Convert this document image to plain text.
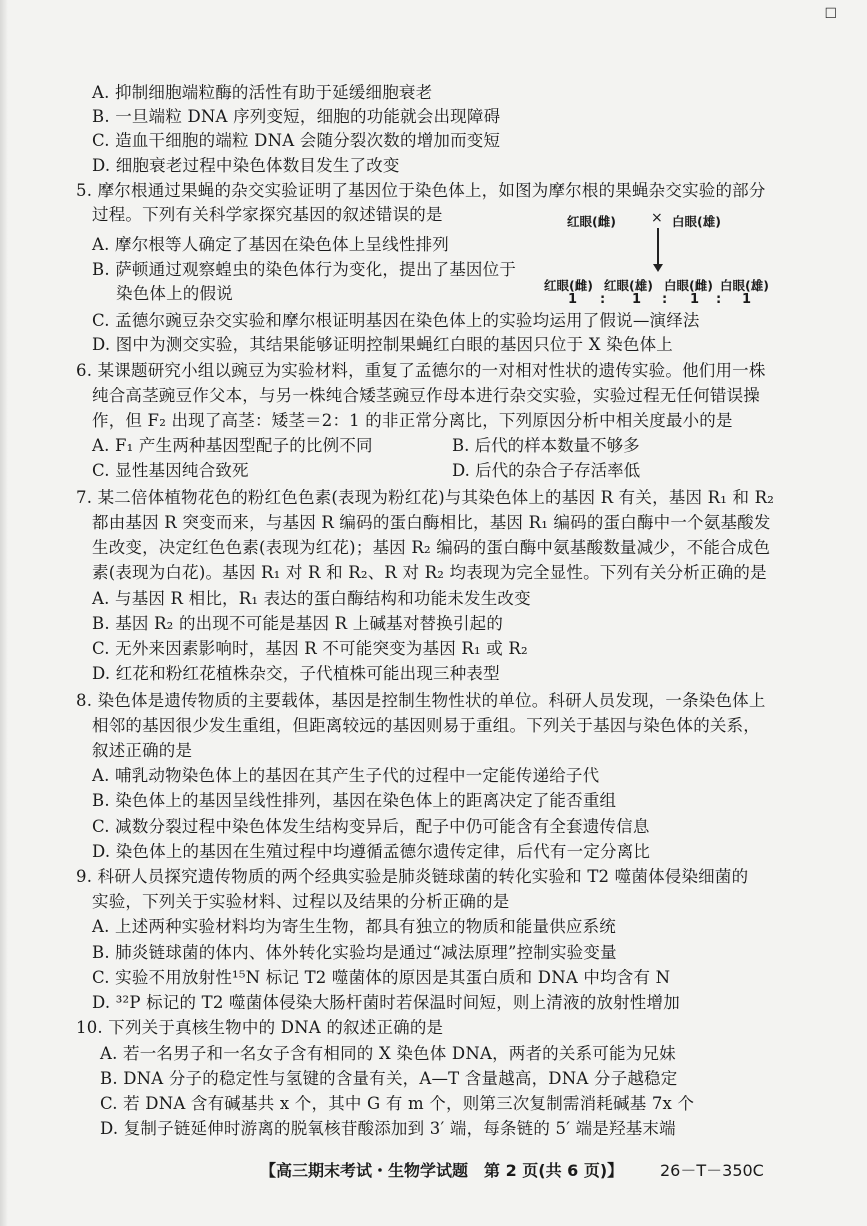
☐
A. 抑制细胞端粒酶的活性有助于延缓细胞衰老
B. 一旦端粒 DNA 序列变短，细胞的功能就会出现障碍
C. 造血干细胞的端粒 DNA 会随分裂次数的增加而变短
D. 细胞衰老过程中染色体数目发生了改变
5. 摩尔根通过果蝇的杂交实验证明了基因位于染色体上，如图为摩尔根的果蝇杂交实验的部分
过程。下列有关科学家探究基因的叙述错误的是
A. 摩尔根等人确定了基因在染色体上呈线性排列
B. 萨顿通过观察蝗虫的染色体行为变化，提出了基因位于
染色体上的假说
C. 孟德尔豌豆杂交实验和摩尔根证明基因在染色体上的实验均运用了假说—演绎法
D. 图中为测交实验，其结果能够证明控制果蝇红白眼的基因只位于 X 染色体上
红眼(雌)	× 白眼(雄)
红眼(雌) 红眼(雄) 白眼(雌) 白眼(雄)
1 : 1 : 1 : 1
6. 某课题研究小组以豌豆为实验材料，重复了孟德尔的一对相对性状的遗传实验。他们用一株
纯合高茎豌豆作父本，与另一株纯合矮茎豌豆作母本进行杂交实验，实验过程无任何错误操
作，但 F₂ 出现了高茎：矮茎＝2：1 的非正常分离比，下列原因分析中相关度最小的是
A. F₁ 产生两种基因型配子的比例不同	B. 后代的样本数量不够多
C. 显性基因纯合致死	D. 后代的杂合子存活率低
7. 某二倍体植物花色的粉红色色素(表现为粉红花)与其染色体上的基因 R 有关，基因 R₁ 和 R₂
都由基因 R 突变而来，与基因 R 编码的蛋白酶相比，基因 R₁ 编码的蛋白酶中一个氨基酸发
生改变，决定红色色素(表现为红花)；基因 R₂ 编码的蛋白酶中氨基酸数量减少，不能合成色
素(表现为白花)。基因 R₁ 对 R 和 R₂、R 对 R₂ 均表现为完全显性。下列有关分析正确的是
A. 与基因 R 相比，R₁ 表达的蛋白酶结构和功能未发生改变
B. 基因 R₂ 的出现不可能是基因 R 上碱基对替换引起的
C. 无外来因素影响时，基因 R 不可能突变为基因 R₁ 或 R₂
D. 红花和粉红花植株杂交，子代植株可能出现三种表型
8. 染色体是遗传物质的主要载体，基因是控制生物性状的单位。科研人员发现，一条染色体上
相邻的基因很少发生重组，但距离较远的基因则易于重组。下列关于基因与染色体的关系，
叙述正确的是
A. 哺乳动物染色体上的基因在其产生子代的过程中一定能传递给子代
B. 染色体上的基因呈线性排列，基因在染色体上的距离决定了能否重组
C. 减数分裂过程中染色体发生结构变异后，配子中仍可能含有全套遗传信息
D. 染色体上的基因在生殖过程中均遵循孟德尔遗传定律，后代有一定分离比
9. 科研人员探究遗传物质的两个经典实验是肺炎链球菌的转化实验和 T2 噬菌体侵染细菌的
实验，下列关于实验材料、过程以及结果的分析正确的是
A. 上述两种实验材料均为寄生生物，都具有独立的物质和能量供应系统
B. 肺炎链球菌的体内、体外转化实验均是通过“减法原理”控制实验变量
C. 实验不用放射性¹⁵N 标记 T2 噬菌体的原因是其蛋白质和 DNA 中均含有 N
D. ³²P 标记的 T2 噬菌体侵染大肠杆菌时若保温时间短，则上清液的放射性增加
10. 下列关于真核生物中的 DNA 的叙述正确的是
A. 若一名男子和一名女子含有相同的 X 染色体 DNA，两者的关系可能为兄妹
B. DNA 分子的稳定性与氢键的含量有关，A—T 含量越高，DNA 分子越稳定
C. 若 DNA 含有碱基共 x 个，其中 G 有 m 个，则第三次复制需消耗碱基 7x 个
D. 复制子链延伸时游离的脱氧核苷酸添加到 3′ 端，每条链的 5′ 端是羟基末端
【高三期末考试・生物学试题　第 2 页(共 6 页)】 26－T－350C
